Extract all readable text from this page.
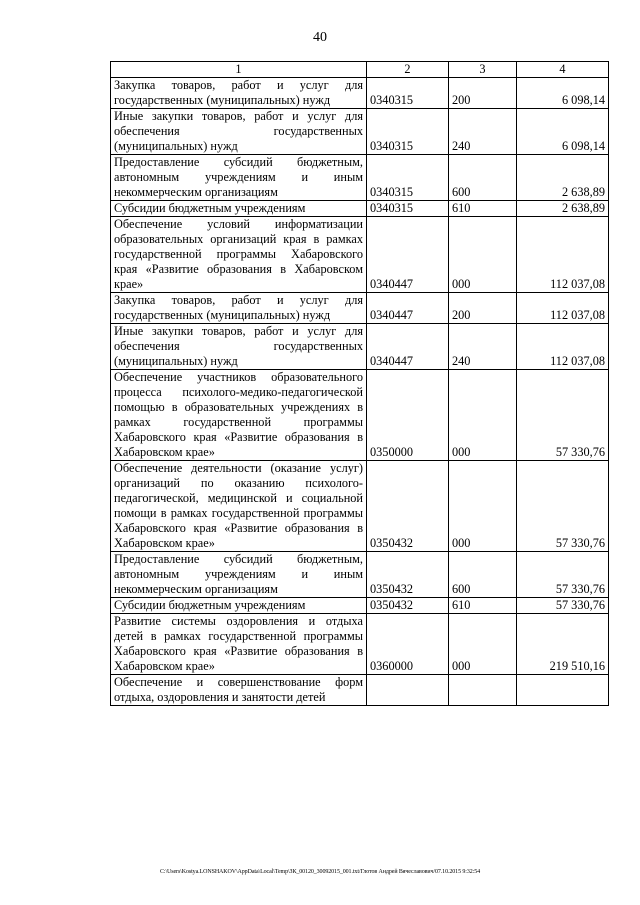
40
1	2	3	4
Закупка товаров, работ и услуг для государственных (муниципальных) нужд	0340315	200	6 098,14
Иные закупки товаров, работ и услуг для обеспечения государственных (муниципальных) нужд	0340315	240	6 098,14
Предоставление субсидий бюджетным, автономным учреждениям и иным некоммерческим организациям	0340315	600	2 638,89
Субсидии бюджетным учреждениям	0340315	610	2 638,89
Обеспечение условий информатизации образовательных организаций края в рамках государственной программы Хабаровского края «Развитие образования в Хабаровском крае»	0340447	000	112 037,08
Закупка товаров, работ и услуг для государственных (муниципальных) нужд	0340447	200	112 037,08
Иные закупки товаров, работ и услуг для обеспечения государственных (муниципальных) нужд	0340447	240	112 037,08
Обеспечение участников образовательного процесса психолого-медико-педагогической помощью в образовательных учреждениях в рамках государственной программы Хабаровского края «Развитие образования в Хабаровском крае»	0350000	000	57 330,76
Обеспечение деятельности (оказание услуг) организаций по оказанию психолого-педагогической, медицинской и социальной помощи в рамках государственной программы Хабаровского края «Развитие образования в Хабаровском крае»	0350432	000	57 330,76
Предоставление субсидий бюджетным, автономным учреждениям и иным некоммерческим организациям	0350432	600	57 330,76
Субсидии бюджетным учреждениям	0350432	610	57 330,76
Развитие системы оздоровления и отдыха детей в рамках государственной программы Хабаровского края «Развитие образования в Хабаровском крае»	0360000	000	219 510,16
Обеспечение и совершенствование форм отдыха, оздоровления и занятости детей			
C:\Users\Kostya.LONSHAKOV\AppData\Local\Temp\ЗК_00120_30092015_001.txt/Глотов Андрей Вячеславович/07.10.2015 9:32:54
